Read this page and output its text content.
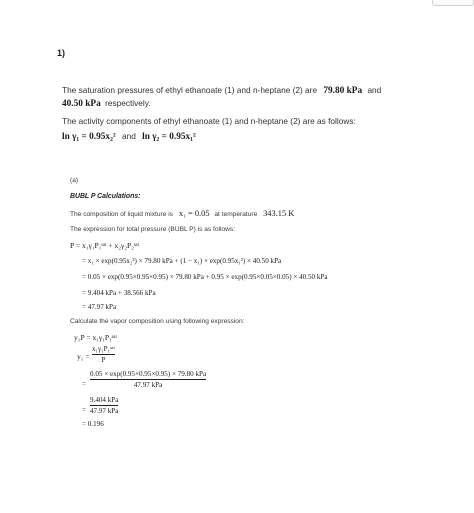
1)
The saturation pressures of ethyl ethanoate (1) and n-heptane (2) are 79.80 kPa and
40.50 kPa respectively.
The activity components of ethyl ethanoate (1) and n-heptane (2) are as follows:
ln γ₁ = 0.95x₂² and ln γ₂ = 0.95x₁²
(a)
BUBL P Calculations:
The composition of liquid mixture is x₁ = 0.05 at temperature 343.15 K
The expression for total pressure (BUBL P) is as follows:
P = x₁γ₁P₁ˢᵃᵗ + x₂γ₂P₂ˢᵃᵗ
= x₁ × exp(0.95x₂²) × 79.80 kPa + (1 − x₁) × exp(0.95x₁²) × 40.50 kPa
= 0.05 × exp(0.95×0.95×0.95) × 79.80 kPa + 0.95 × exp(0.95×0.05×0.05) × 40.50 kPa
= 9.404 kPa + 38.566 kPa
= 47.97 kPa
Calculate the vapor composition using following expression:
y₁P = x₁γ₁P₁ˢᵃᵗ
y₁ =
x₁γ₁P₁ˢᵃᵗ
P
=
0.05 × exp(0.95×0.95×0.95) × 79.80 kPa
47.97 kPa
=
9.404 kPa
47.97 kPa
= 0.196
